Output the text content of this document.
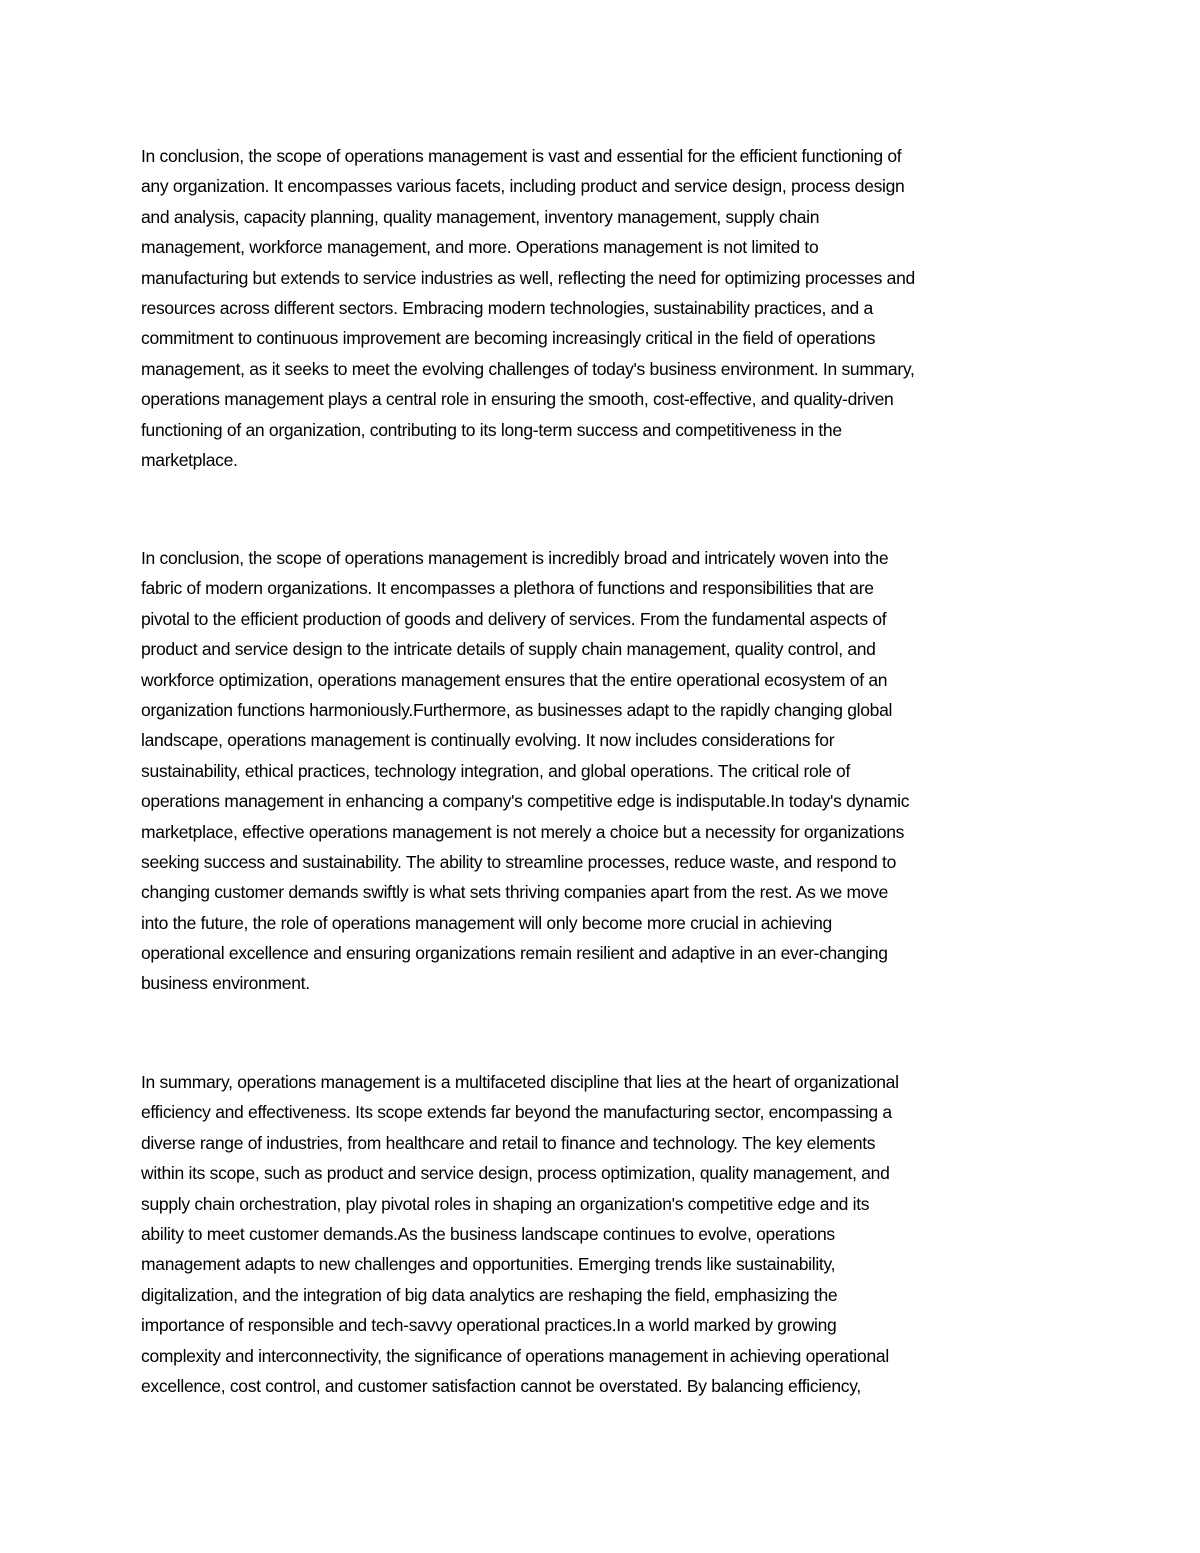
In conclusion, the scope of operations management is vast and essential for the efficient functioning of
any organization. It encompasses various facets, including product and service design, process design
and analysis, capacity planning, quality management, inventory management, supply chain
management, workforce management, and more. Operations management is not limited to
manufacturing but extends to service industries as well, reflecting the need for optimizing processes and
resources across different sectors. Embracing modern technologies, sustainability practices, and a
commitment to continuous improvement are becoming increasingly critical in the field of operations
management, as it seeks to meet the evolving challenges of today's business environment. In summary,
operations management plays a central role in ensuring the smooth, cost-effective, and quality-driven
functioning of an organization, contributing to its long-term success and competitiveness in the
marketplace.
In conclusion, the scope of operations management is incredibly broad and intricately woven into the
fabric of modern organizations. It encompasses a plethora of functions and responsibilities that are
pivotal to the efficient production of goods and delivery of services. From the fundamental aspects of
product and service design to the intricate details of supply chain management, quality control, and
workforce optimization, operations management ensures that the entire operational ecosystem of an
organization functions harmoniously.Furthermore, as businesses adapt to the rapidly changing global
landscape, operations management is continually evolving. It now includes considerations for
sustainability, ethical practices, technology integration, and global operations. The critical role of
operations management in enhancing a company's competitive edge is indisputable.In today's dynamic
marketplace, effective operations management is not merely a choice but a necessity for organizations
seeking success and sustainability. The ability to streamline processes, reduce waste, and respond to
changing customer demands swiftly is what sets thriving companies apart from the rest. As we move
into the future, the role of operations management will only become more crucial in achieving
operational excellence and ensuring organizations remain resilient and adaptive in an ever-changing
business environment.
In summary, operations management is a multifaceted discipline that lies at the heart of organizational
efficiency and effectiveness. Its scope extends far beyond the manufacturing sector, encompassing a
diverse range of industries, from healthcare and retail to finance and technology. The key elements
within its scope, such as product and service design, process optimization, quality management, and
supply chain orchestration, play pivotal roles in shaping an organization's competitive edge and its
ability to meet customer demands.As the business landscape continues to evolve, operations
management adapts to new challenges and opportunities. Emerging trends like sustainability,
digitalization, and the integration of big data analytics are reshaping the field, emphasizing the
importance of responsible and tech-savvy operational practices.In a world marked by growing
complexity and interconnectivity, the significance of operations management in achieving operational
excellence, cost control, and customer satisfaction cannot be overstated. By balancing efficiency,
